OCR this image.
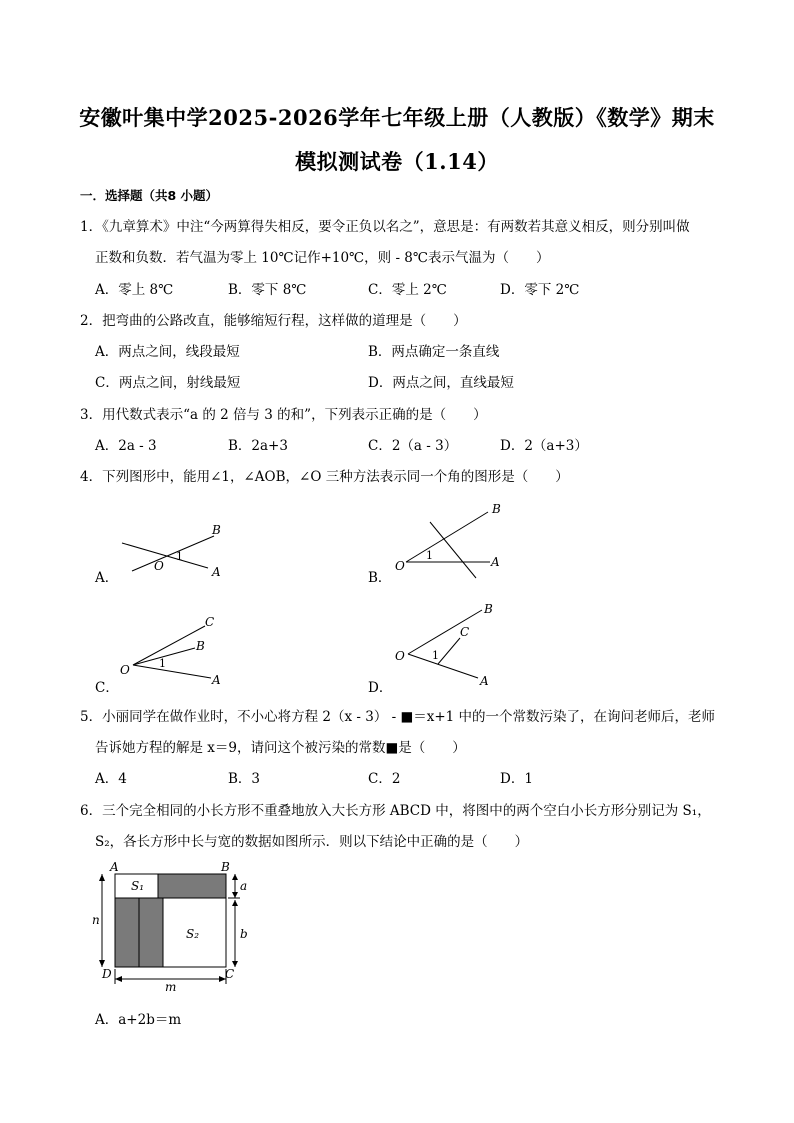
安徽叶集中学2025-2026学年七年级上册（人教版）《数学》期末
模拟测试卷（1.14）
一．选择题（共8 小题）
1．《九章算术》中注“今两算得失相反，要令正负以名之”，意思是：有两数若其意义相反，则分别叫做
正数和负数．若气温为零上 10℃记作+10℃，则 - 8℃表示气温为（　　）
A．零上 8℃	B．零下 8℃	C．零上 2℃	D．零下 2℃
2．把弯曲的公路改直，能够缩短行程，这样做的道理是（　　）
A．两点之间，线段最短	B．两点确定一条直线
C．两点之间，射线最短	D．两点之间，直线最短
3．用代数式表示“a 的 2 倍与 3 的和”，下列表示正确的是（　　）
A．2a - 3	B．2a+3	C．2（a - 3）	D．2（a+3）
4．下列图形中，能用∠1，∠AOB，∠O 三种方法表示同一个角的图形是（　　）
A．
O	A
B
1
B．
O	A
B
1
C．
O
A
B
C
1
D．
O
A
B
C
1
5．小丽同学在做作业时，不小心将方程 2（x - 3） - ■＝x+1 中的一个常数污染了，在询问老师后，老师
告诉她方程的解是 x＝9，请问这个被污染的常数■是（　　）
A．4	B．3	C．2	D．1
6．三个完全相同的小长方形不重叠地放入大长方形 ABCD 中，将图中的两个空白小长方形分别记为 S₁，
S₂，各长方形中长与宽的数据如图所示．则以下结论中正确的是（　　）
A	B
C
D
S₁
S₂
a
b
m
n
A．a+2b＝m
